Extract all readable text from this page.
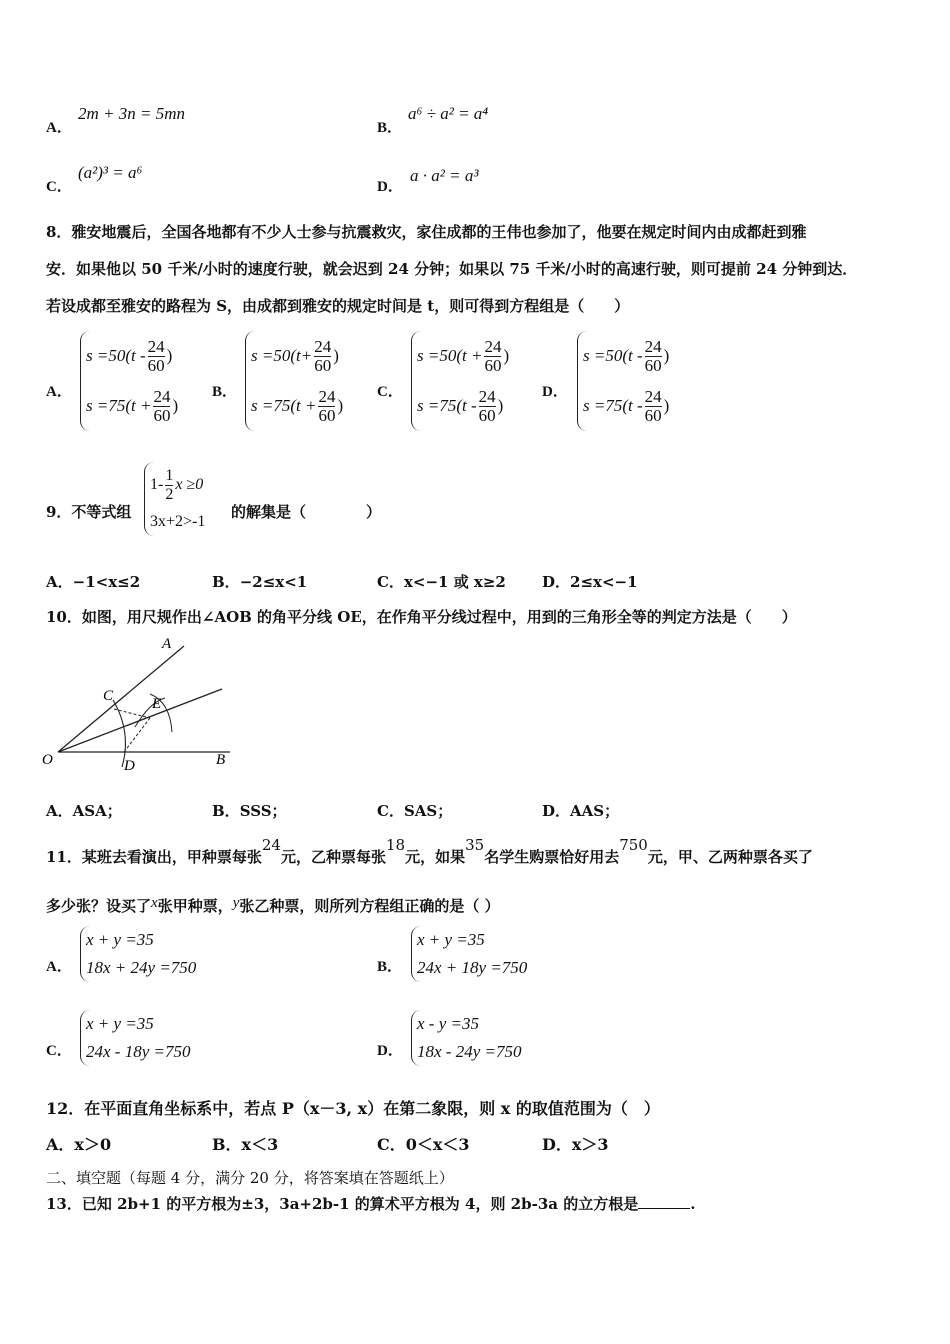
A．
2m + 3n = 5mn
B．
a⁶ ÷ a² = a⁴
C．
(a²)³ = a⁶
D．
a · a² = a³
8．雅安地震后，全国各地都有不少人士参与抗震救灾，家住成都的王伟也参加了，他要在规定时间内由成都赶到雅
安．如果他以 50 千米/小时的速度行驶，就会迟到 24 分钟；如果以 75 千米/小时的高速行驶，则可提前 24 分钟到达．
若设成都至雅安的路程为 S，由成都到雅安的规定时间是 t，则可得到方程组是（　　）
A．
$s =50(t - \frac{24}{60}$ )
$s =75(t + \frac{24}{60}$ )
B．
$s =50(t+ \frac{24}{60}$ )
$s =75(t + \frac{24}{60}$ )
C．
$s =50(t + \frac{24}{60}$ )
$s =75(t - \frac{24}{60}$ )
D．
$s =50(t - \frac{24}{60}$ )
$s =75(t - \frac{24}{60}$ )
9．不等式组
$1- \frac{1}{2}$ x ≥0
3x+2>-1
的解集是（　　　　）
A．−1<x≤2	B．−2≤x<1	C．x<−1 或 x≥2 D．2≤x<−1
10．如图，用尺规作出∠AOB 的角平分线 OE，在作角平分线过程中，用到的三角形全等的判定方法是（　　）
A
B
C
D
E
O
A．ASA；	B．SSS；	C．SAS；	D．AAS；
11．某班去看演出，甲种票每张24元，乙种票每张18元，如果35名学生购票恰好用去750元，甲、乙两种票各买了
多少张？设买了x张甲种票，y张乙种票，则所列方程组正确的是（ ）
A．
x + y =35
18x + 24y =750	B．
x + y =35
24x + 18y =750
C．
x + y =35
24x - 18y =750	D．
x - y =35
18x - 24y =750
12．在平面直角坐标系中，若点 P（x－3, x）在第二象限，则 x 的取值范围为（　）
A．x＞0	B．x＜3	C．0＜x＜3	D．x＞3
二、填空题（每题 4 分，满分 20 分，将答案填在答题纸上）
13．已知 2b+1 的平方根为±3，3a+2b-1 的算术平方根为 4，则 2b-3a 的立方根是	.
